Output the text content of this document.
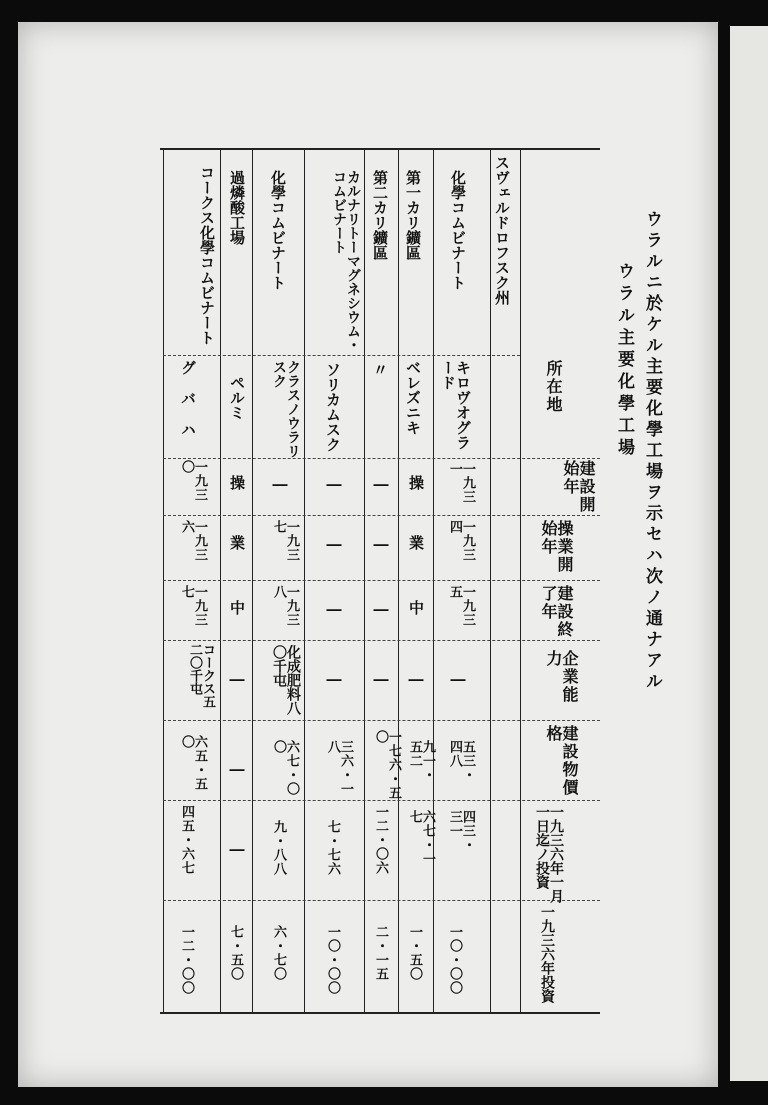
ウラルニ於ケル主要化學工場ヲ示セハ次ノ通ナアル
ウラル主要化學工場
所在地
建設開始年
操業開始年
建設終了年
企業能力
建設物價格
一九三六年一月一日迄ノ投資
一九三六年投資
スヴェルドロフスク州
化學コムビナート
キロヴオグラード
一九三一
一九三四
一九三五
―
五三・四八
四三・三一
一〇・〇〇
第一カリ鑛區
ベレズニキ
操
業
中
―
九一・五二
六七・一七
一・五〇
第二カリ鑛區
〃
―
―
―
―
一七六・五〇
一二・〇六
二・一五
カルナリトーマグネシウム・コムビナート
ソリカムスク
―
―
―
―
三六・一八
七・七六
一〇・〇〇
化學コムビナート
クラスノウラリスク
―
一九三七
一九三八
化成肥料八〇千屯
六七・〇〇
九・八八
六・七〇
過燐酸工場
ペルミ
操
業
中
―
―
―
七・五〇
コークス化學コムビナート
グバハ
一九三〇
一九三六
一九三七
コークス五二〇千屯
六五・五〇
四五・六七
一二・〇〇
